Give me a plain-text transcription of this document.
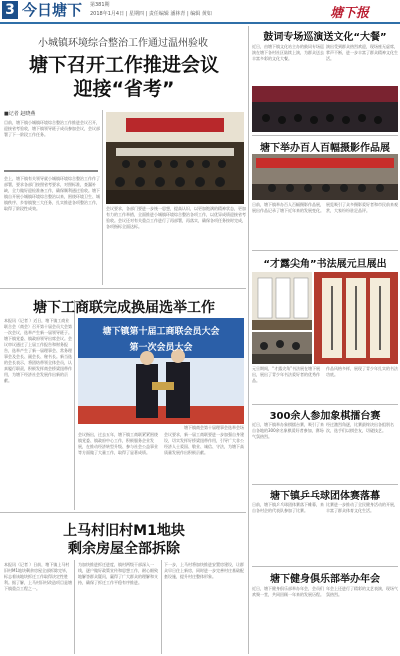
3 今日塘下 第381期
2018年1月4日 | 星期四 | 责任编辑 潘林青 | 编辑 黄如	塘下报
小城镇环境综合整治工作通过温州验收
塘下召开工作推进会议
迎接“省考”
■记者 赵晓燕
目前，塘下镇小城镇环境综合整治工作推进会议召开，迎接省考验收，塘下镇领导班子成员参加会议，会议部署了下一阶段工作任务。
会上，塘下镇有关领导就小城镇环境综合整治工作作了部署，要求各部门按照省考要求，对照标准，查漏补缺，全力做好迎检准备工作，确保顺利通过验收。塘下镇自开展小城镇环境综合整治以来，围绕环境卫生、城镇秩序、乡容镇貌三大任务，扎实推进各项整治工作，取得了阶段性成效。	会议要求，各部门要进一步统一思想，提高认识，以更加饱满的精神状态，更加有力的工作举措，全面推进小城镇环境综合整治各项工作，以优异成绩迎接省考验收。会议还对有关重点工作进行了再部署，再落实，确保各项任务按时完成，各项指标全面达标。
塘下工商联完成换届选举工作
本报讯（记者 ）近日，塘下镇工商业联合会（商会）召开第十届会员大会第一次会议，选举产生新一届领导班子。塘下镇党委、镇政府领导出席会议。会议审议通过了上届工作报告和财务报告，选举产生了新一届理事会、常务理事会及会长、副会长、秘书长。新当选的会长表示，将团结带领全体会员，认真履行职责，积极发挥商会桥梁纽带作用，为塘下经济社会发展作出新的贡献。
塘下镇第十届工商联会员大会
第一次会员大会
塘下镇商会第十届理事会选举会场
会议指出，过去五年，塘下镇工商联紧紧围绕镇党委、镇政府中心工作，积极服务企业发展，在推动经济转型升级、参与社会公益事业等方面做了大量工作，取得了显著成绩。
会议要求，新一届工商联要进一步加强自身建设，切实发挥好桥梁纽带作用，引导广大非公经济人士爱国、敬业、诚信、守法，为塘下高质量发展作出积极贡献。
上马村旧村M1地块
剩余房屋全部拆除
本报讯（记者 ）日前，塘下镇上马村旧村M1地块剩余房屋全部拆除完毕，标志着该地块拆迁工作取得决定性胜利。据了解，上马村旧村改造项目是塘下镇重点工程之一。
为加快推进拆迁进度，镇村两级干部深入一线，逐户做好政策宣传和思想工作，耐心细致地解答群众疑问，赢得了广大群众的理解和支持，确保了拆迁工作平稳有序推进。
下一步，上马村将加快推进安置房建设，让群众早日住上新房，同时进一步完善村庄基础配套设施，提升村庄整体形象。
鼓词专场巡演送文化“大餐”
近日，由塘下镇文化站主办的鼓词专场巡演在塘下各村社区陆续上演，为群众送去丰富多彩的文化大餐。
演出受到群众热烈欢迎，现场座无虚席，掌声不断，进一步丰富了群众精神文化生活。
塘下举办百人百幅摄影作品展
日前，塘下镇举办百人百幅摄影作品展，展出作品记录了塘下近年来的发展变化。
展览吸引了众多摄影爱好者和市民前来观赏，大家纷纷驻足品评。
“才露尖角”书法展元旦展出
元旦期间，“才露尖角”书法展在塘下展出，展出了青少年书法爱好者的优秀作品。
作品风格多样，展现了青少年扎实的书法功底。
300余人参加象棋擂台赛
近日，塘下镇举办象棋擂台赛，吸引了来自各地的300余名象棋爱好者参加，赛场气氛热烈。
经过激烈角逐，比赛最终决出各组别名次，选手们以棋会友，切磋技艺。
塘下镇乒乓球团体赛落幕
日前，塘下镇乒乓球团体赛落下帷幕，来自各村企的代表队参加了比赛。
比赛进一步推动了全民健身活动的开展，丰富了群众体育文化生活。
塘下健身俱乐部举办年会
近日，塘下健身俱乐部举办年会，会员们欢聚一堂，共同回顾一年来的发展历程。
年会上还进行了精彩的文艺表演，现场气氛热烈。
